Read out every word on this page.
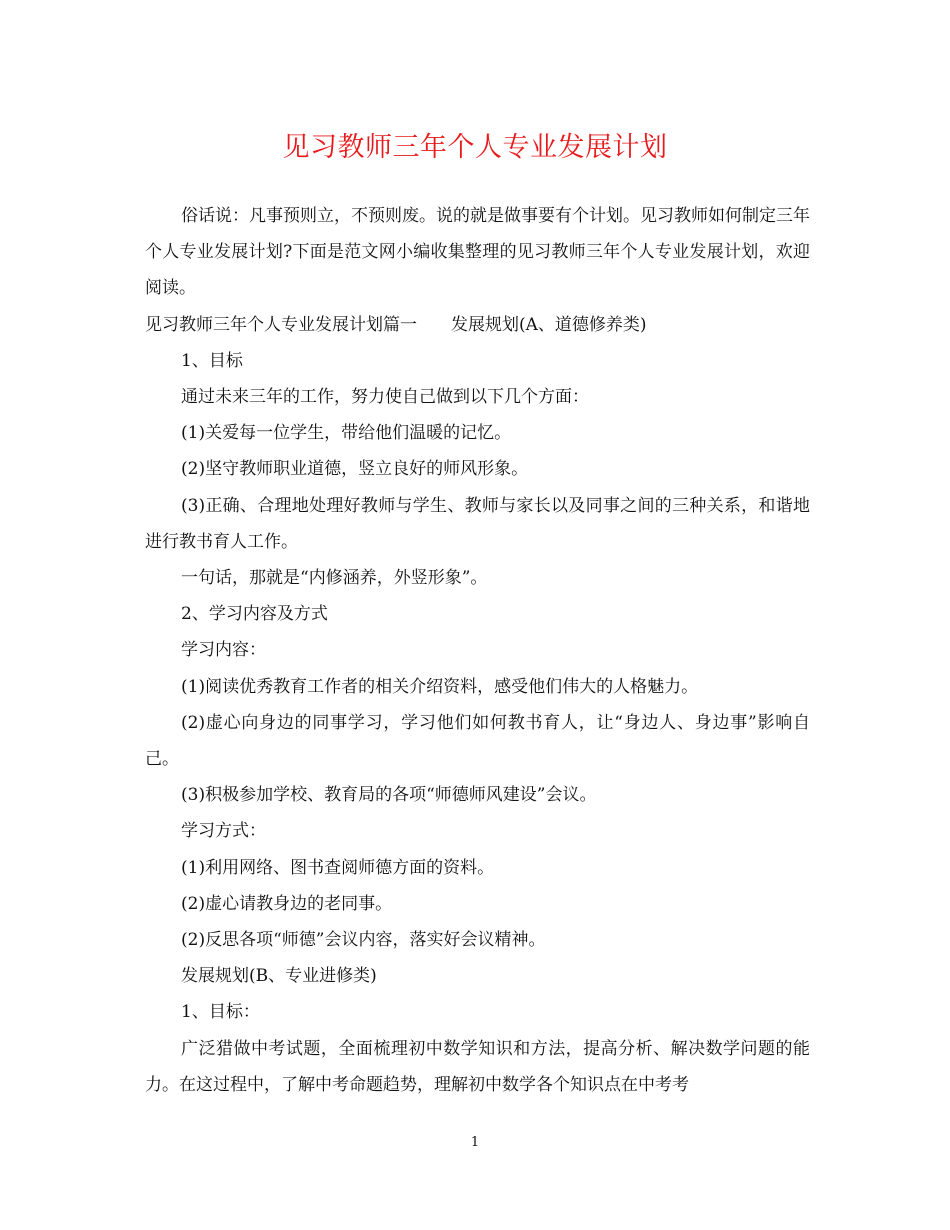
见习教师三年个人专业发展计划

俗话说：凡事预则立，不预则废。说的就是做事要有个计划。见习教师如何制定三年个人专业发展计划?下面是范文网小编收集整理的见习教师三年个人专业发展计划，欢迎阅读。

见习教师三年个人专业发展计划篇一　　发展规划(A、道德修养类)

1、目标

通过未来三年的工作，努力使自己做到以下几个方面：

(1)关爱每一位学生，带给他们温暖的记忆。

(2)坚守教师职业道德，竖立良好的师风形象。

(3)正确、合理地处理好教师与学生、教师与家长以及同事之间的三种关系，和谐地进行教书育人工作。

一句话，那就是“内修涵养，外竖形象”。

2、学习内容及方式

学习内容：

(1)阅读优秀教育工作者的相关介绍资料，感受他们伟大的人格魅力。

(2)虚心向身边的同事学习，学习他们如何教书育人，让“身边人、身边事”影响自己。

(3)积极参加学校、教育局的各项“师德师风建设”会议。

学习方式：

(1)利用网络、图书查阅师德方面的资料。

(2)虚心请教身边的老同事。

(2)反思各项“师德”会议内容，落实好会议精神。

发展规划(B、专业进修类)

1、目标：

广泛猎做中考试题，全面梳理初中数学知识和方法，提高分析、解决数学问题的能力。在这过程中，了解中考命题趋势，理解初中数学各个知识点在中考考

1
